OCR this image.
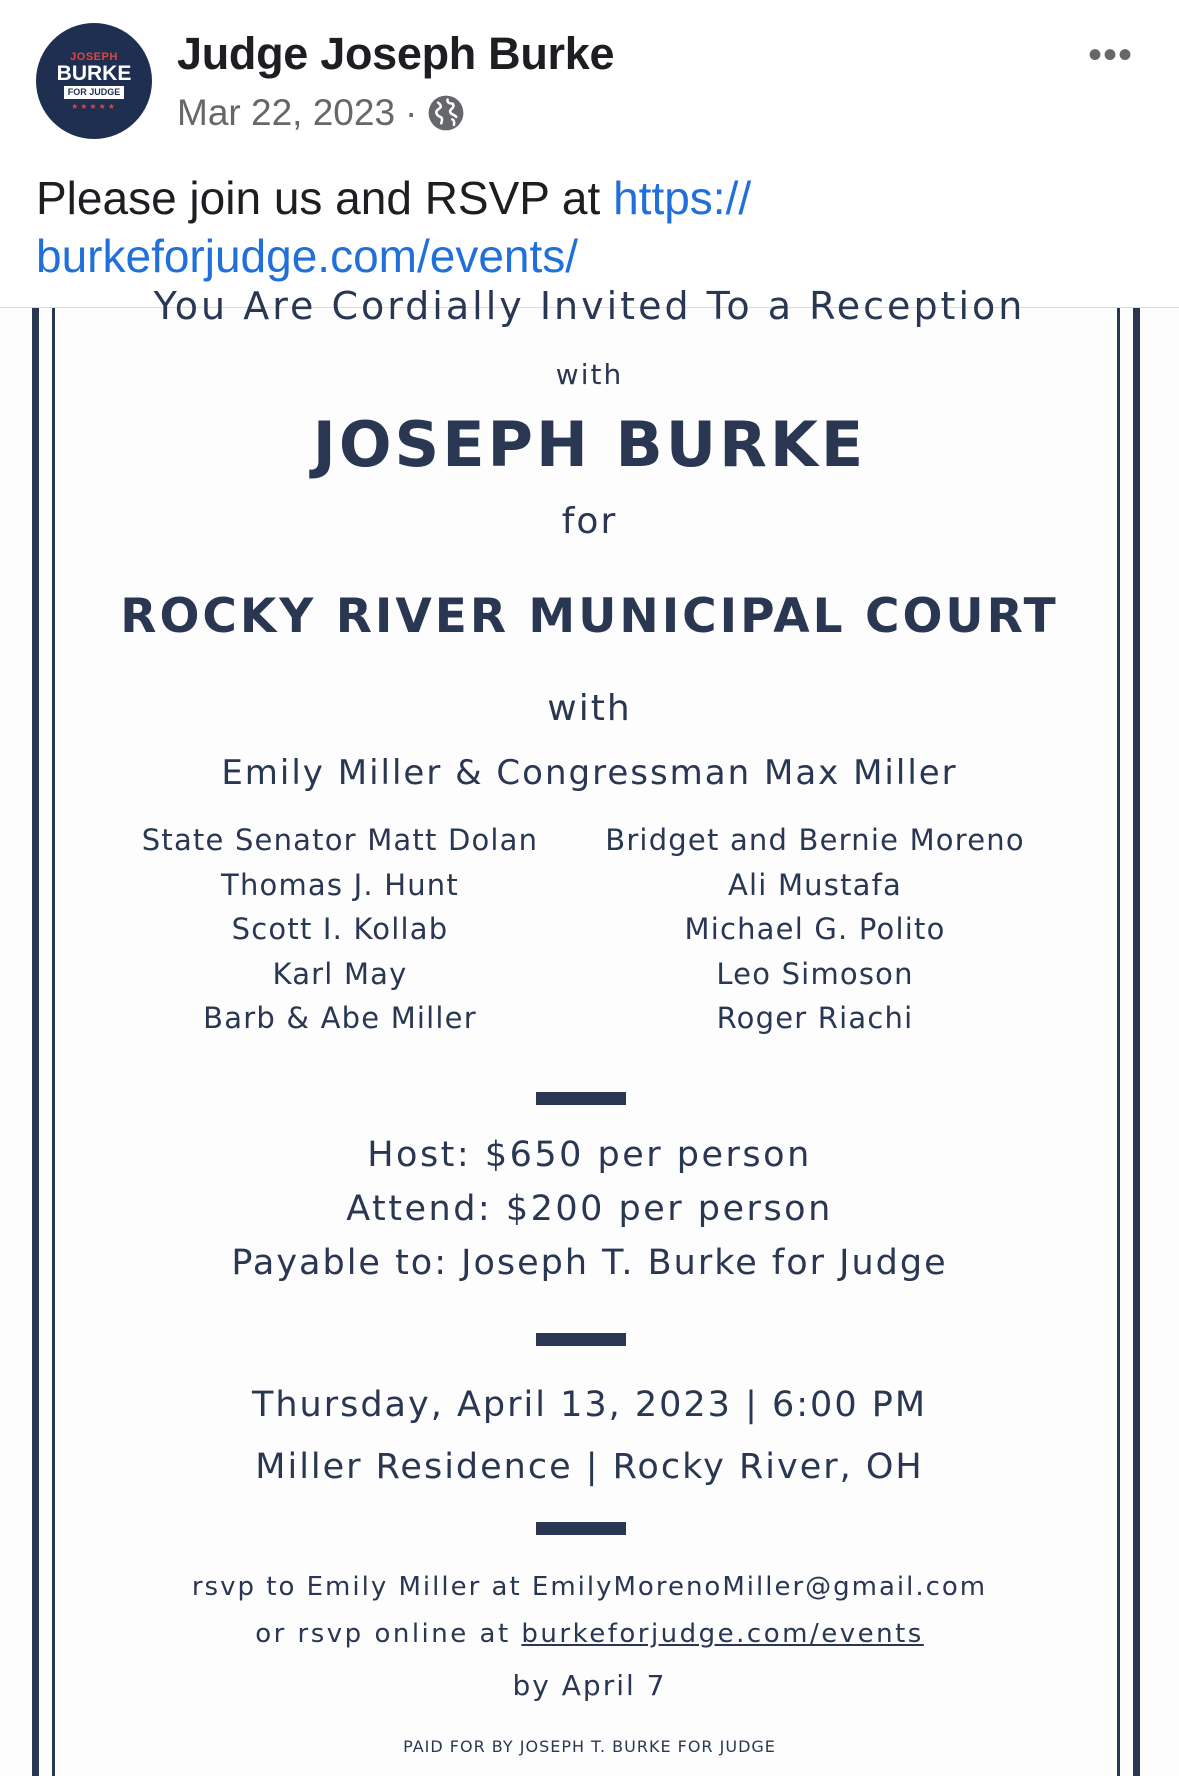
JOSEPH
BURKE
FOR JUDGE
★★★★★
Judge Joseph Burke
Mar 22, 2023 ·
•••
Please join us and RSVP at https:// burkeforjudge.com/events/
You Are Cordially Invited To a Reception
with
JOSEPH BURKE
for
ROCKY RIVER MUNICIPAL COURT
with
Emily Miller & Congressman Max Miller
State Senator Matt Dolan
Thomas J. Hunt
Scott I. Kollab
Karl May
Barb & Abe Miller
Bridget and Bernie Moreno
Ali Mustafa
Michael G. Polito
Leo Simoson
Roger Riachi
Host: $650 per person
Attend: $200 per person
Payable to: Joseph T. Burke for Judge
Thursday, April 13, 2023 | 6:00 PM
Miller Residence | Rocky River, OH
rsvp to Emily Miller at EmilyMorenoMiller@gmail.com
or rsvp online at burkeforjudge.com/events
by April 7
PAID FOR BY JOSEPH T. BURKE FOR JUDGE
